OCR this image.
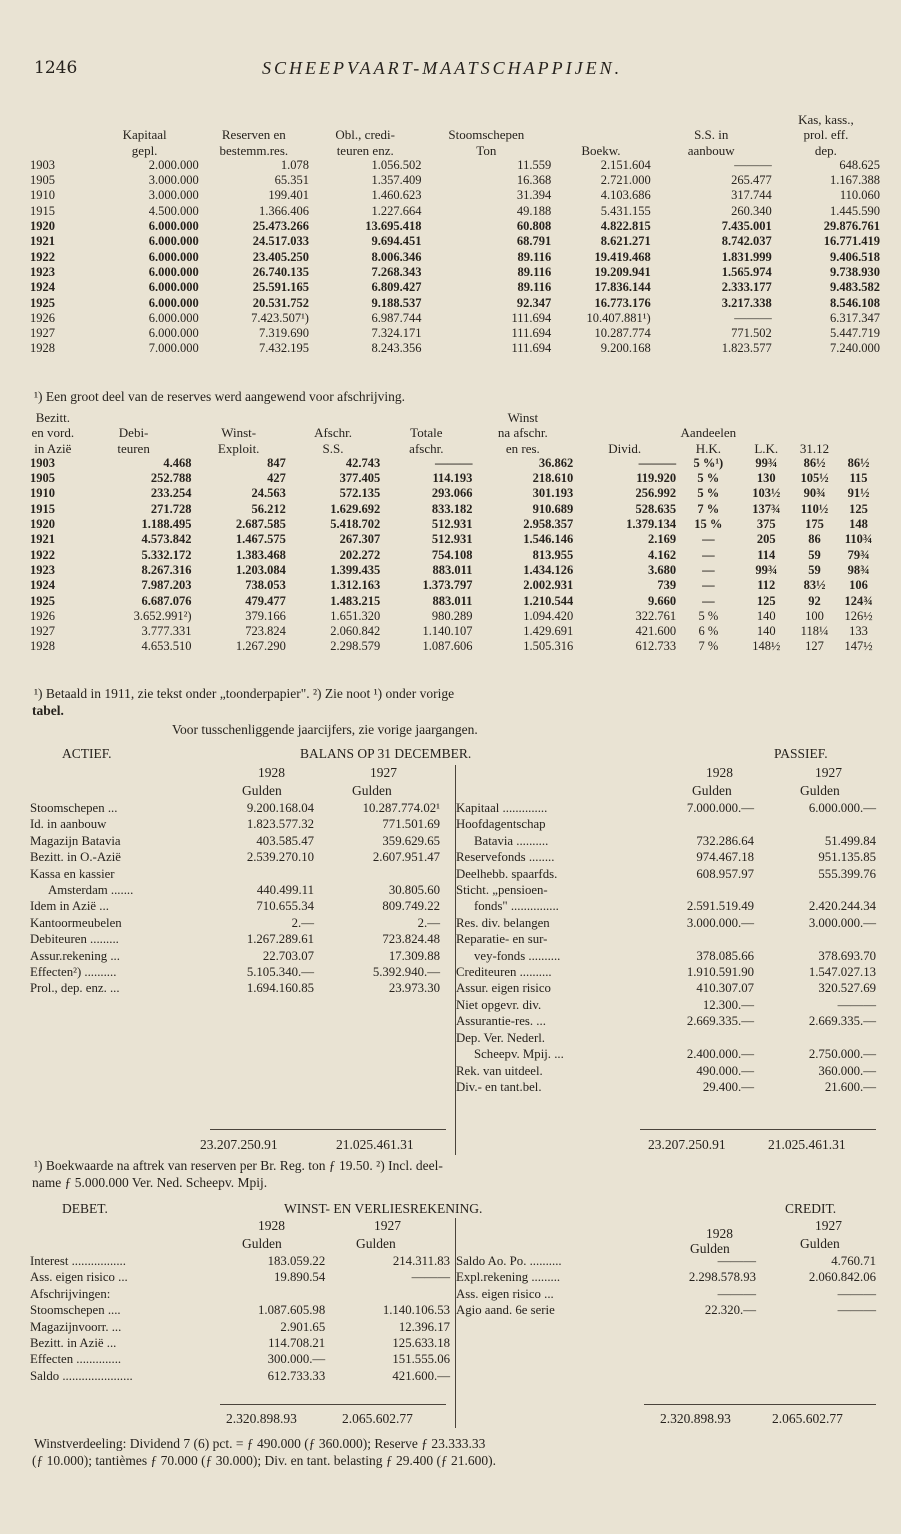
1246	SCHEEPVAART-MAATSCHAPPIJEN.
							Kas, kass.,
	Kapitaal	Reserven en	Obl., credi-	Stoomschepen		S.S. in	prol. eff.
	gepl.	bestemm.res.	teuren enz.	Ton	Boekw.	aanbouw	dep.
1903	2.000.000	1.078	1.056.502	11.559	2.151.604	———	648.625
1905	3.000.000	65.351	1.357.409	16.368	2.721.000	265.477	1.167.388
1910	3.000.000	199.401	1.460.623	31.394	4.103.686	317.744	110.060
1915	4.500.000	1.366.406	1.227.664	49.188	5.431.155	260.340	1.445.590
1920	6.000.000	25.473.266	13.695.418	60.808	4.822.815	7.435.001	29.876.761
1921	6.000.000	24.517.033	9.694.451	68.791	8.621.271	8.742.037	16.771.419
1922	6.000.000	23.405.250	8.006.346	89.116	19.419.468	1.831.999	9.406.518
1923	6.000.000	26.740.135	7.268.343	89.116	19.209.941	1.565.974	9.738.930
1924	6.000.000	25.591.165	6.809.427	89.116	17.836.144	2.333.177	9.483.582
1925	6.000.000	20.531.752	9.188.537	92.347	16.773.176	3.217.338	8.546.108
1926	6.000.000	7.423.507¹)	6.987.744	111.694	10.407.881¹)	———	6.317.347
1927	6.000.000	7.319.690	7.324.171	111.694	10.287.774	771.502	5.447.719
1928	7.000.000	7.432.195	8.243.356	111.694	9.200.168	1.823.577	7.240.000
¹) Een groot deel van de reserves werd aangewend voor afschrijving.
Bezitt.					Winst					
en vord.	Debi-	Winst-	Afschr.	Totale	na afschr.		Aandeelen			
in Azië	teuren	Exploit.	S.S.	afschr.	en res.	Divid.	H.K.	L.K.	31.12	
1903	4.468	847	42.743	———	36.862	———	5 %¹)	99¾	86½	86½
1905	252.788	427	377.405	114.193	218.610	119.920	5 %	130	105½	115
1910	233.254	24.563	572.135	293.066	301.193	256.992	5 %	103½	90¾	91½
1915	271.728	56.212	1.629.692	833.182	910.689	528.635	7 %	137¾	110½	125
1920	1.188.495	2.687.585	5.418.702	512.931	2.958.357	1.379.134	15 %	375	175	148
1921	4.573.842	1.467.575	267.307	512.931	1.546.146	2.169	—	205	86	110¾
1922	5.332.172	1.383.468	202.272	754.108	813.955	4.162	—	114	59	79¾
1923	8.267.316	1.203.084	1.399.435	883.011	1.434.126	3.680	—	99¾	59	98¾
1924	7.987.203	738.053	1.312.163	1.373.797	2.002.931	739	—	112	83½	106
1925	6.687.076	479.477	1.483.215	883.011	1.210.544	9.660	—	125	92	124¾
1926	3.652.991²)	379.166	1.651.320	980.289	1.094.420	322.761	5 %	140	100	126½
1927	3.777.331	723.824	2.060.842	1.140.107	1.429.691	421.600	6 %	140	118¼	133
1928	4.653.510	1.267.290	2.298.579	1.087.606	1.505.316	612.733	7 %	148½	127	147½
¹) Betaald in 1911, zie tekst onder „toonderpapier". ²) Zie noot ¹) onder vorige
tabel.
Voor tusschenliggende jaarcijfers, zie vorige jaargangen.
ACTIEF.	BALANS OP 31 DECEMBER.	PASSIEF.
1928	1927
Gulden	Gulden
1928	1927
Gulden	Gulden
Stoomschepen ...	9.200.168.04	10.287.774.02¹
Id. in aanbouw	1.823.577.32	771.501.69
Magazijn Batavia	403.585.47	359.629.65
Bezitt. in O.-Azië	2.539.270.10	2.607.951.47
Kassa en kassier		
Amsterdam .......	440.499.11	30.805.60
Idem in Azië ...	710.655.34	809.749.22
Kantoormeubelen	2.—	2.—
Debiteuren .........	1.267.289.61	723.824.48
Assur.rekening ...	22.703.07	17.309.88
Effecten²) ..........	5.105.340.—	5.392.940.—
Prol., dep. enz. ...	1.694.160.85	23.973.30
Kapitaal ..............	7.000.000.—	6.000.000.—
Hoofdagentschap		
Batavia ..........	732.286.64	51.499.84
Reservefonds ........	974.467.18	951.135.85
Deelhebb. spaarfds.	608.957.97	555.399.76
Sticht. „pensioen-		
fonds" ...............	2.591.519.49	2.420.244.34
Res. div. belangen	3.000.000.—	3.000.000.—
Reparatie- en sur-		
vey-fonds ..........	378.085.66	378.693.70
Crediteuren ..........	1.910.591.90	1.547.027.13
Assur. eigen risico	410.307.07	320.527.69
Niet opgevr. div.	12.300.—	———
Assurantie-res. ...	2.669.335.—	2.669.335.—
Dep. Ver. Nederl.		
Scheepv. Mpij. ...	2.400.000.—	2.750.000.—
Rek. van uitdeel.	490.000.—	360.000.—
Div.- en tant.bel.	29.400.—	21.600.—
23.207.250.91	21.025.461.31	23.207.250.91	21.025.461.31
¹) Boekwaarde na aftrek van reserven per Br. Reg. ton ƒ 19.50. ²) Incl. deel-
name ƒ 5.000.000 Ver. Ned. Scheepv. Mpij.
DEBET.	WINST- EN VERLIESREKENING.	CREDIT.
1928	1927
Gulden	Gulden
1928
1927
Gulden	Gulden
Interest .................	183.059.22	214.311.83
Ass. eigen risico ...	19.890.54	———
Afschrijvingen:		
Stoomschepen ....	1.087.605.98	1.140.106.53
Magazijnvoorr. ...	2.901.65	12.396.17
Bezitt. in Azië ...	114.708.21	125.633.18
Effecten ..............	300.000.—	151.555.06
Saldo ......................	612.733.33	421.600.—
Saldo Ao. Po. ..........	———	4.760.71
Expl.rekening .........	2.298.578.93	2.060.842.06
Ass. eigen risico ...	———	———
Agio aand. 6e serie	22.320.—	———
2.320.898.93	2.065.602.77	2.320.898.93	2.065.602.77
Winstverdeeling: Dividend 7 (6) pct. = ƒ 490.000 (ƒ 360.000); Reserve ƒ 23.333.33
(ƒ 10.000); tantièmes ƒ 70.000 (ƒ 30.000); Div. en tant. belasting ƒ 29.400 (ƒ 21.600).
